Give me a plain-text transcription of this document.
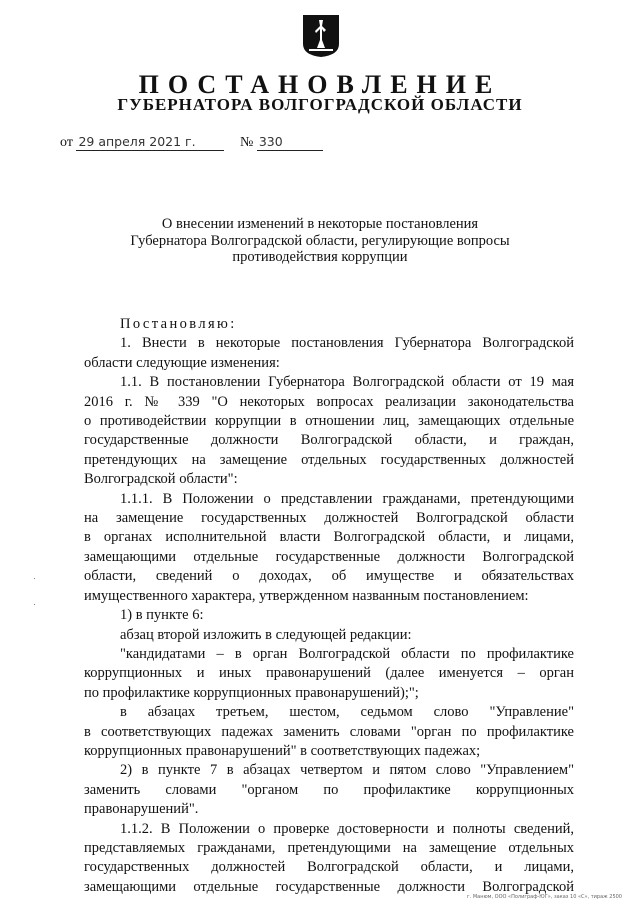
ПОСТАНОВЛЕНИЕ
ГУБЕРНАТОРА ВОЛГОГРАДСКОЙ ОБЛАСТИ
от 29 апреля 2021 г.	№ 330
О внесении изменений в некоторые постановления
Губернатора Волгоградской области, регулирующие вопросы
противодействия коррупции

Постановляю:

1. Внести в некоторые постановления Губернатора Волгоградской

области следующие изменения:

1.1. В постановлении Губернатора Волгоградской области от 19 мая

2016 г. № 339 "О некоторых вопросах реализации законодательства

о противодействии коррупции в отношении лиц, замещающих отдельные

государственные должности Волгоградской области, и граждан,

претендующих на замещение отдельных государственных должностей

Волгоградской области":

1.1.1. В Положении о представлении гражданами, претендующими

на замещение государственных должностей Волгоградской области

в органах исполнительной власти Волгоградской области, и лицами,

замещающими отдельные государственные должности Волгоградской

области, сведений о доходах, об имуществе и обязательствах

имущественного характера, утвержденном названным постановлением:

1) в пункте 6:

абзац второй изложить в следующей редакции:

"кандидатами – в орган Волгоградской области по профилактике

коррупционных и иных правонарушений (далее именуется – орган

по профилактике коррупционных правонарушений);";

в абзацах третьем, шестом, седьмом слово "Управление"

в соответствующих падежах заменить словами "орган по профилактике

коррупционных правонарушений" в соответствующих падежах;

2) в пункте 7 в абзацах четвертом и пятом слово "Управлением"

заменить словами "органом по профилактике коррупционных

правонарушений".

1.1.2. В Положении о проверке достоверности и полноты сведений,

представляемых гражданами, претендующими на замещение отдельных

государственных должностей Волгоградской области, и лицами,

замещающими отдельные государственные должности Волгоградской

г. Манюм, ООО «Полиграф-ЮГ», заказ 10 «С», тираж 2500
